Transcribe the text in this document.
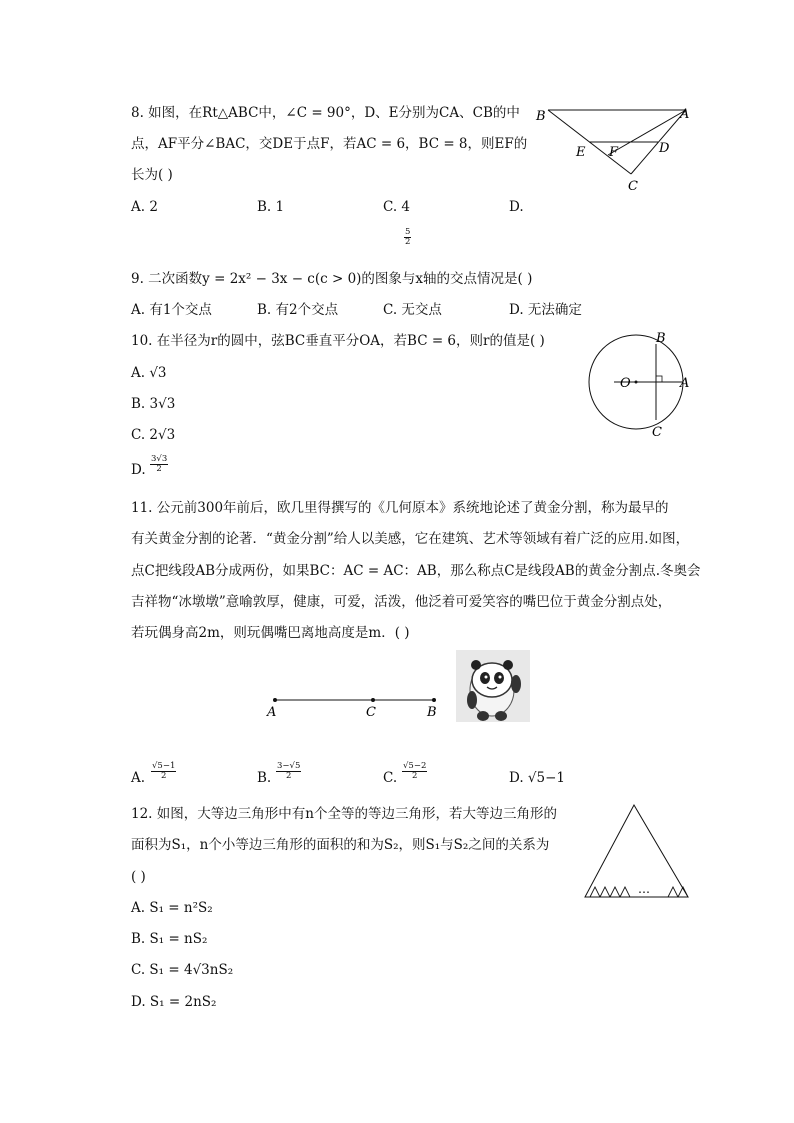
8. 如图，在Rt△ABC中，∠C = 90°，D、E分别为CA、CB的中
点，AF平分∠BAC，交DE于点F，若AC = 6，BC = 8，则EF的
长为( )
A. 2	B. 1	C. 4	D.
$\frac{5}{2}$
B	A
E F	D
C
9. 二次函数y = 2x² − 3x − c(c > 0)的图象与x轴的交点情况是( )
A. 有1个交点	B. 有2个交点	C. 无交点	D. 无法确定
10. 在半径为r的圆中，弦BC垂直平分OA，若BC = 6，则r的值是( )
A. √3
B. 3√3
C. 2√3
D. $\frac{3√3}{2}$
B
O	A
C
11. 公元前300年前后，欧几里得撰写的《几何原本》系统地论述了黄金分割，称为最早的
有关黄金分割的论著．“黄金分割”给人以美感，它在建筑、艺术等领域有着广泛的应用.如图，
点C把线段AB分成两份，如果BC：AC = AC：AB，那么称点C是线段AB的黄金分割点.冬奥会
吉祥物“冰墩墩”意喻敦厚，健康，可爱，活泼，他泛着可爱笑容的嘴巴位于黄金分割点处，
若玩偶身高2m，则玩偶嘴巴离地高度是m．( )
A	C	B
A. $\frac{√5-1}{2}$	B. $\frac{3-√5}{2}$	C. $\frac{√5-2}{2}$	D. √5−1
12. 如图，大等边三角形中有n个全等的等边三角形，若大等边三角形的
面积为S₁，n个小等边三角形的面积的和为S₂，则S₁与S₂之间的关系为
( )
A. S₁ = n²S₂
B. S₁ = nS₂
C. S₁ = 4√3nS₂
D. S₁ = 2nS₂
…
